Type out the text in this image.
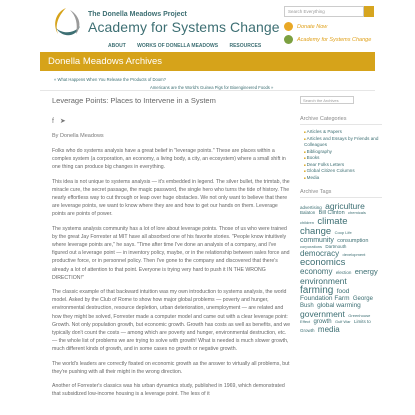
The Donella Meadows Project
Academy for Systems Change
Search Everything
Donate Now
Academy for Systems Change
ABOUT WORKS OF DONELLA MEADOWS RESOURCES
Donella Meadows Archives
« What Happens When You Release the Products of Doom?
Americans are the World's Guinea Pigs for Bioengineered Foods »
Leverage Points: Places to Intervene in a System
f ➤
By Donella Meadows

Folks who do systems analysis have a great belief in "leverage points." These are places within a complex system (a corporation, an economy, a living body, a city, an ecosystem) where a small shift in one thing can produce big changes in everything.

This idea is not unique to systems analysis — it's embedded in legend. The silver bullet, the trimtab, the miracle cure, the secret passage, the magic password, the single hero who turns the tide of history. The nearly effortless way to cut through or leap over huge obstacles. We not only want to believe that there are leverage points, we want to know where they are and how to get our hands on them. Leverage points are points of power.

The systems analysis community has a lot of lore about leverage points. Those of us who were trained by the great Jay Forrester at MIT have all absorbed one of his favorite stories. "People know intuitively where leverage points are," he says. "Time after time I've done an analysis of a company, and I've figured out a leverage point — in inventory policy, maybe, or in the relationship between sales force and productive force, or in personnel policy. Then I've gone to the company and discovered that there's already a lot of attention to that point. Everyone is trying very hard to push it IN THE WRONG DIRECTION!"

The classic example of that backward intuition was my own introduction to systems analysis, the world model. Asked by the Club of Rome to show how major global problems — poverty and hunger, environmental destruction, resource depletion, urban deterioration, unemployment — are related and how they might be solved, Forrester made a computer model and came out with a clear leverage point: Growth. Not only population growth, but economic growth. Growth has costs as well as benefits, and we typically don't count the costs — among which are poverty and hunger, environmental destruction, etc. — the whole list of problems we are trying to solve with growth! What is needed is much slower growth, much different kinds of growth, and in some cases no growth or negative growth.

The world's leaders are correctly fixated on economic growth as the answer to virtually all problems, but they're pushing with all their might in the wrong direction.

Another of Forrester's classics was his urban dynamics study, published in 1969, which demonstrated that subsidized low-income housing is a leverage point. The less of it

Search the Archives
Archive Categories
■ Articles & Papers
■ Articles and Essays by Friends and Colleagues
■ Bibliography
■ Books
■ Dear Folks Letters
■ Global Citizen Columns
■ Media
Archive Tags
advertising agriculture Balaton Bill Clinton chemicals children climate change Coop Life community consumption corporations Dartmouth democracy development economics economy election energy environment farming food Foundation Farm George Bush global warming government Greenhouse Effect growth Gulf War Limits to Growth media
